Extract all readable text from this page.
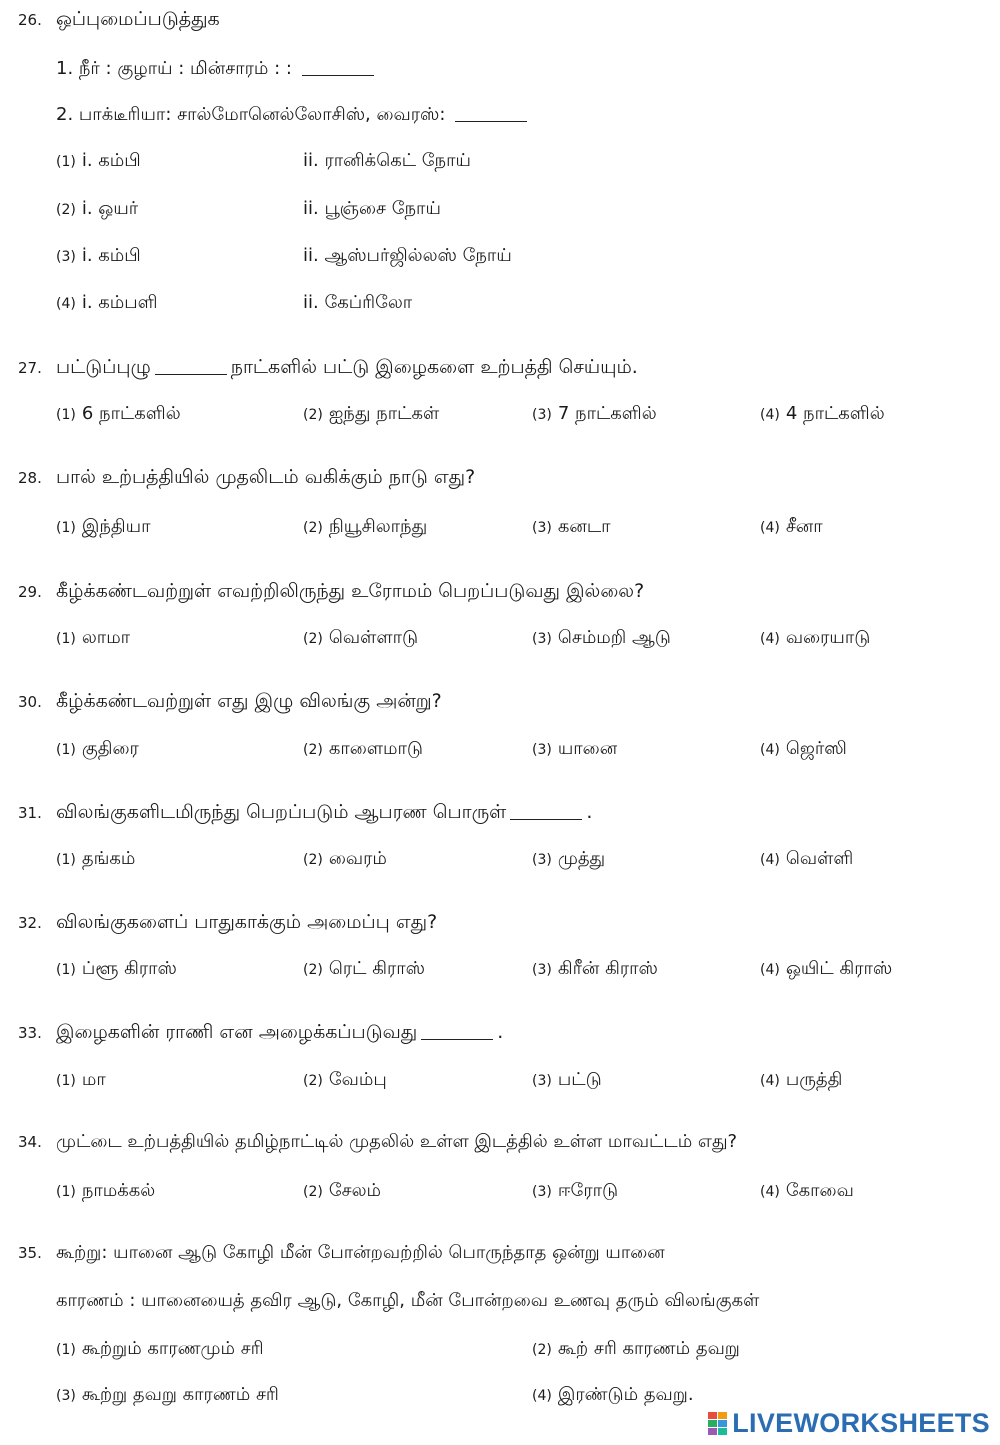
26. ஒப்புமைப்படுத்துக
1. நீர் : குழாய் : மின்சாரம் : :
2. பாக்டீரியா: சால்மோனெல்லோசிஸ், வைரஸ்:
(1) i. கம்பி	ii. ரானிக்கெட் நோய்
(2) i. ஒயர்	ii. பூஞ்சை நோய்
(3) i. கம்பி	ii. ஆஸ்பர்ஜில்லஸ் நோய்
(4) i. கம்பளி	ii. கேப்ரிலோ
27. பட்டுப்புழு	நாட்களில் பட்டு இழைகளை உற்பத்தி செய்யும்.
(1) 6 நாட்களில்	(2) ஐந்து நாட்கள்	(3) 7 நாட்களில்	(4) 4 நாட்களில்
28. பால் உற்பத்தியில் முதலிடம் வகிக்கும் நாடு எது?
(1) இந்தியா	(2) நியூசிலாந்து	(3) கனடா	(4) சீனா
29. கீழ்க்கண்டவற்றுள் எவற்றிலிருந்து உரோமம் பெறப்படுவது இல்லை?
(1) லாமா	(2) வெள்ளாடு	(3) செம்மறி ஆடு	(4) வரையாடு
30. கீழ்க்கண்டவற்றுள் எது இழு விலங்கு அன்று?
(1) குதிரை	(2) காளைமாடு	(3) யானை	(4) ஜெர்ஸி
31. விலங்குகளிடமிருந்து பெறப்படும் ஆபரண பொருள்	.
(1) தங்கம்	(2) வைரம்	(3) முத்து	(4) வெள்ளி
32. விலங்குகளைப் பாதுகாக்கும் அமைப்பு எது?
(1) ப்ளூ கிராஸ்	(2) ரெட் கிராஸ்	(3) கிரீன் கிராஸ்	(4) ஒயிட் கிராஸ்
33. இழைகளின் ராணி என அழைக்கப்படுவது	.
(1) மா	(2) வேம்பு	(3) பட்டு	(4) பருத்தி
34. முட்டை உற்பத்தியில் தமிழ்நாட்டில் முதலில் உள்ள இடத்தில் உள்ள மாவட்டம் எது?
(1) நாமக்கல்	(2) சேலம்	(3) ஈரோடு	(4) கோவை
35. கூற்று: யானை ஆடு கோழி மீன் போன்றவற்றில் பொருந்தாத ஒன்று யானை
காரணம் : யானையைத் தவிர ஆடு, கோழி, மீன் போன்றவை உணவு தரும் விலங்குகள்
(1) கூற்றும் காரணமும் சரி	(2) கூற் சரி காரணம் தவறு
(3) கூற்று தவறு காரணம் சரி	(4) இரண்டும் தவறு.
LIVEWORKSHEETS
